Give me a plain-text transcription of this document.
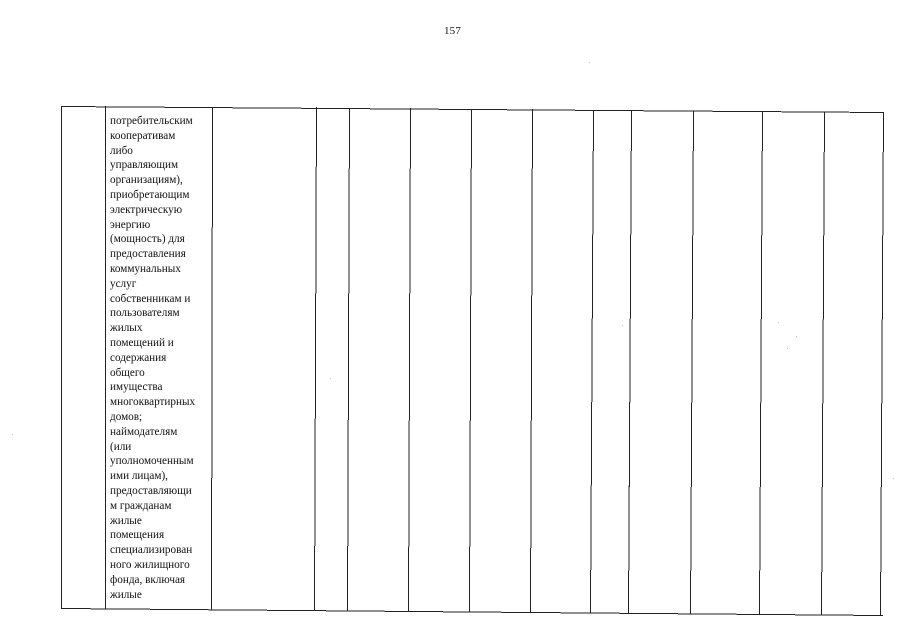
157
потребительским
кооперативам
либо
управляющим
организациям),
приобретающим
электрическую
энергию
(мощность) для
предоставления
коммунальных
услуг
собственникам и
пользователям
жилых
помещений и
содержания
общего
имущества
многоквартирных
домов;
наймодателям
(или
уполномоченным
ими лицам),
предоставляющи
м гражданам
жилые
помещения
специализирован
ного жилищного
фонда, включая
жилые
